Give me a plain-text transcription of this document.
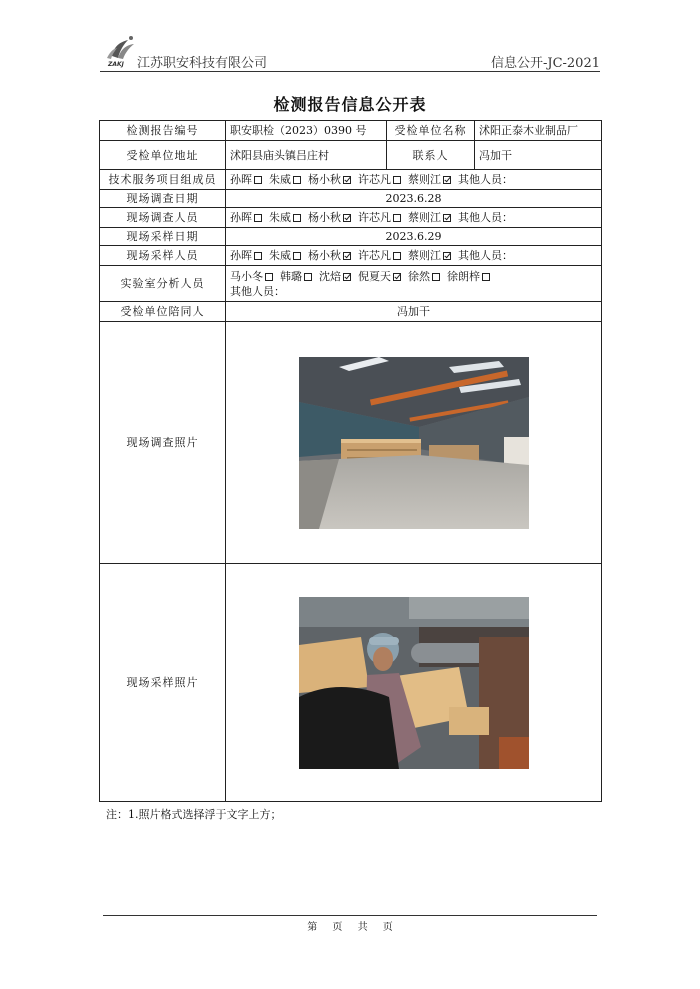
ZAKJ 江苏职安科技有限公司	信息公开-JC-2021
检测报告信息公开表
检测报告编号	职安职检（2023）0390 号	受检单位名称	沭阳正泰木业制品厂
受检单位地址	沭阳县庙头镇吕庄村	联系人	冯加干
技术服务项目组成员	孙晖 朱威 杨小秋 许芯凡 蔡则江 其他人员：		
现场调查日期	2023.6.28		
现场调查人员	孙晖 朱威 杨小秋 许芯凡 蔡则江 其他人员：		
现场采样日期	2023.6.29		
现场采样人员	孙晖 朱威 杨小秋 许芯凡 蔡则江 其他人员：		
实验室分析人员	马小冬 韩璐 沈焙 倪夏天 徐然 徐朗梓
其他人员：		
受检单位陪同人	冯加干		
现场调查照片	

现场采样照片	
注：1.照片格式选择浮于文字上方；
第 页 共 页
